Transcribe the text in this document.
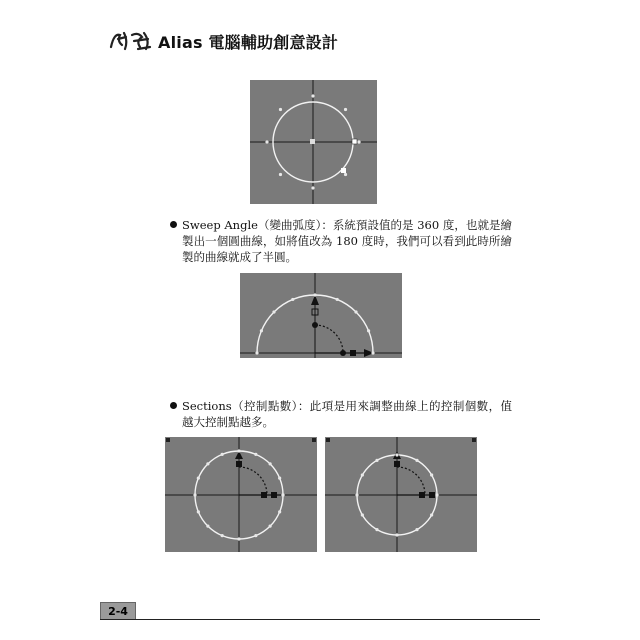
Alias 電腦輔助創意設計
Sweep Angle（變曲弧度）：系統預設值的是 360 度，也就是繪製出一個圓曲線，如將值改為 180 度時，我們可以看到此時所繪製的曲線就成了半圓。
Sections（控制點數）：此項是用來調整曲線上的控制個數，值越大控制點越多。
2-4
